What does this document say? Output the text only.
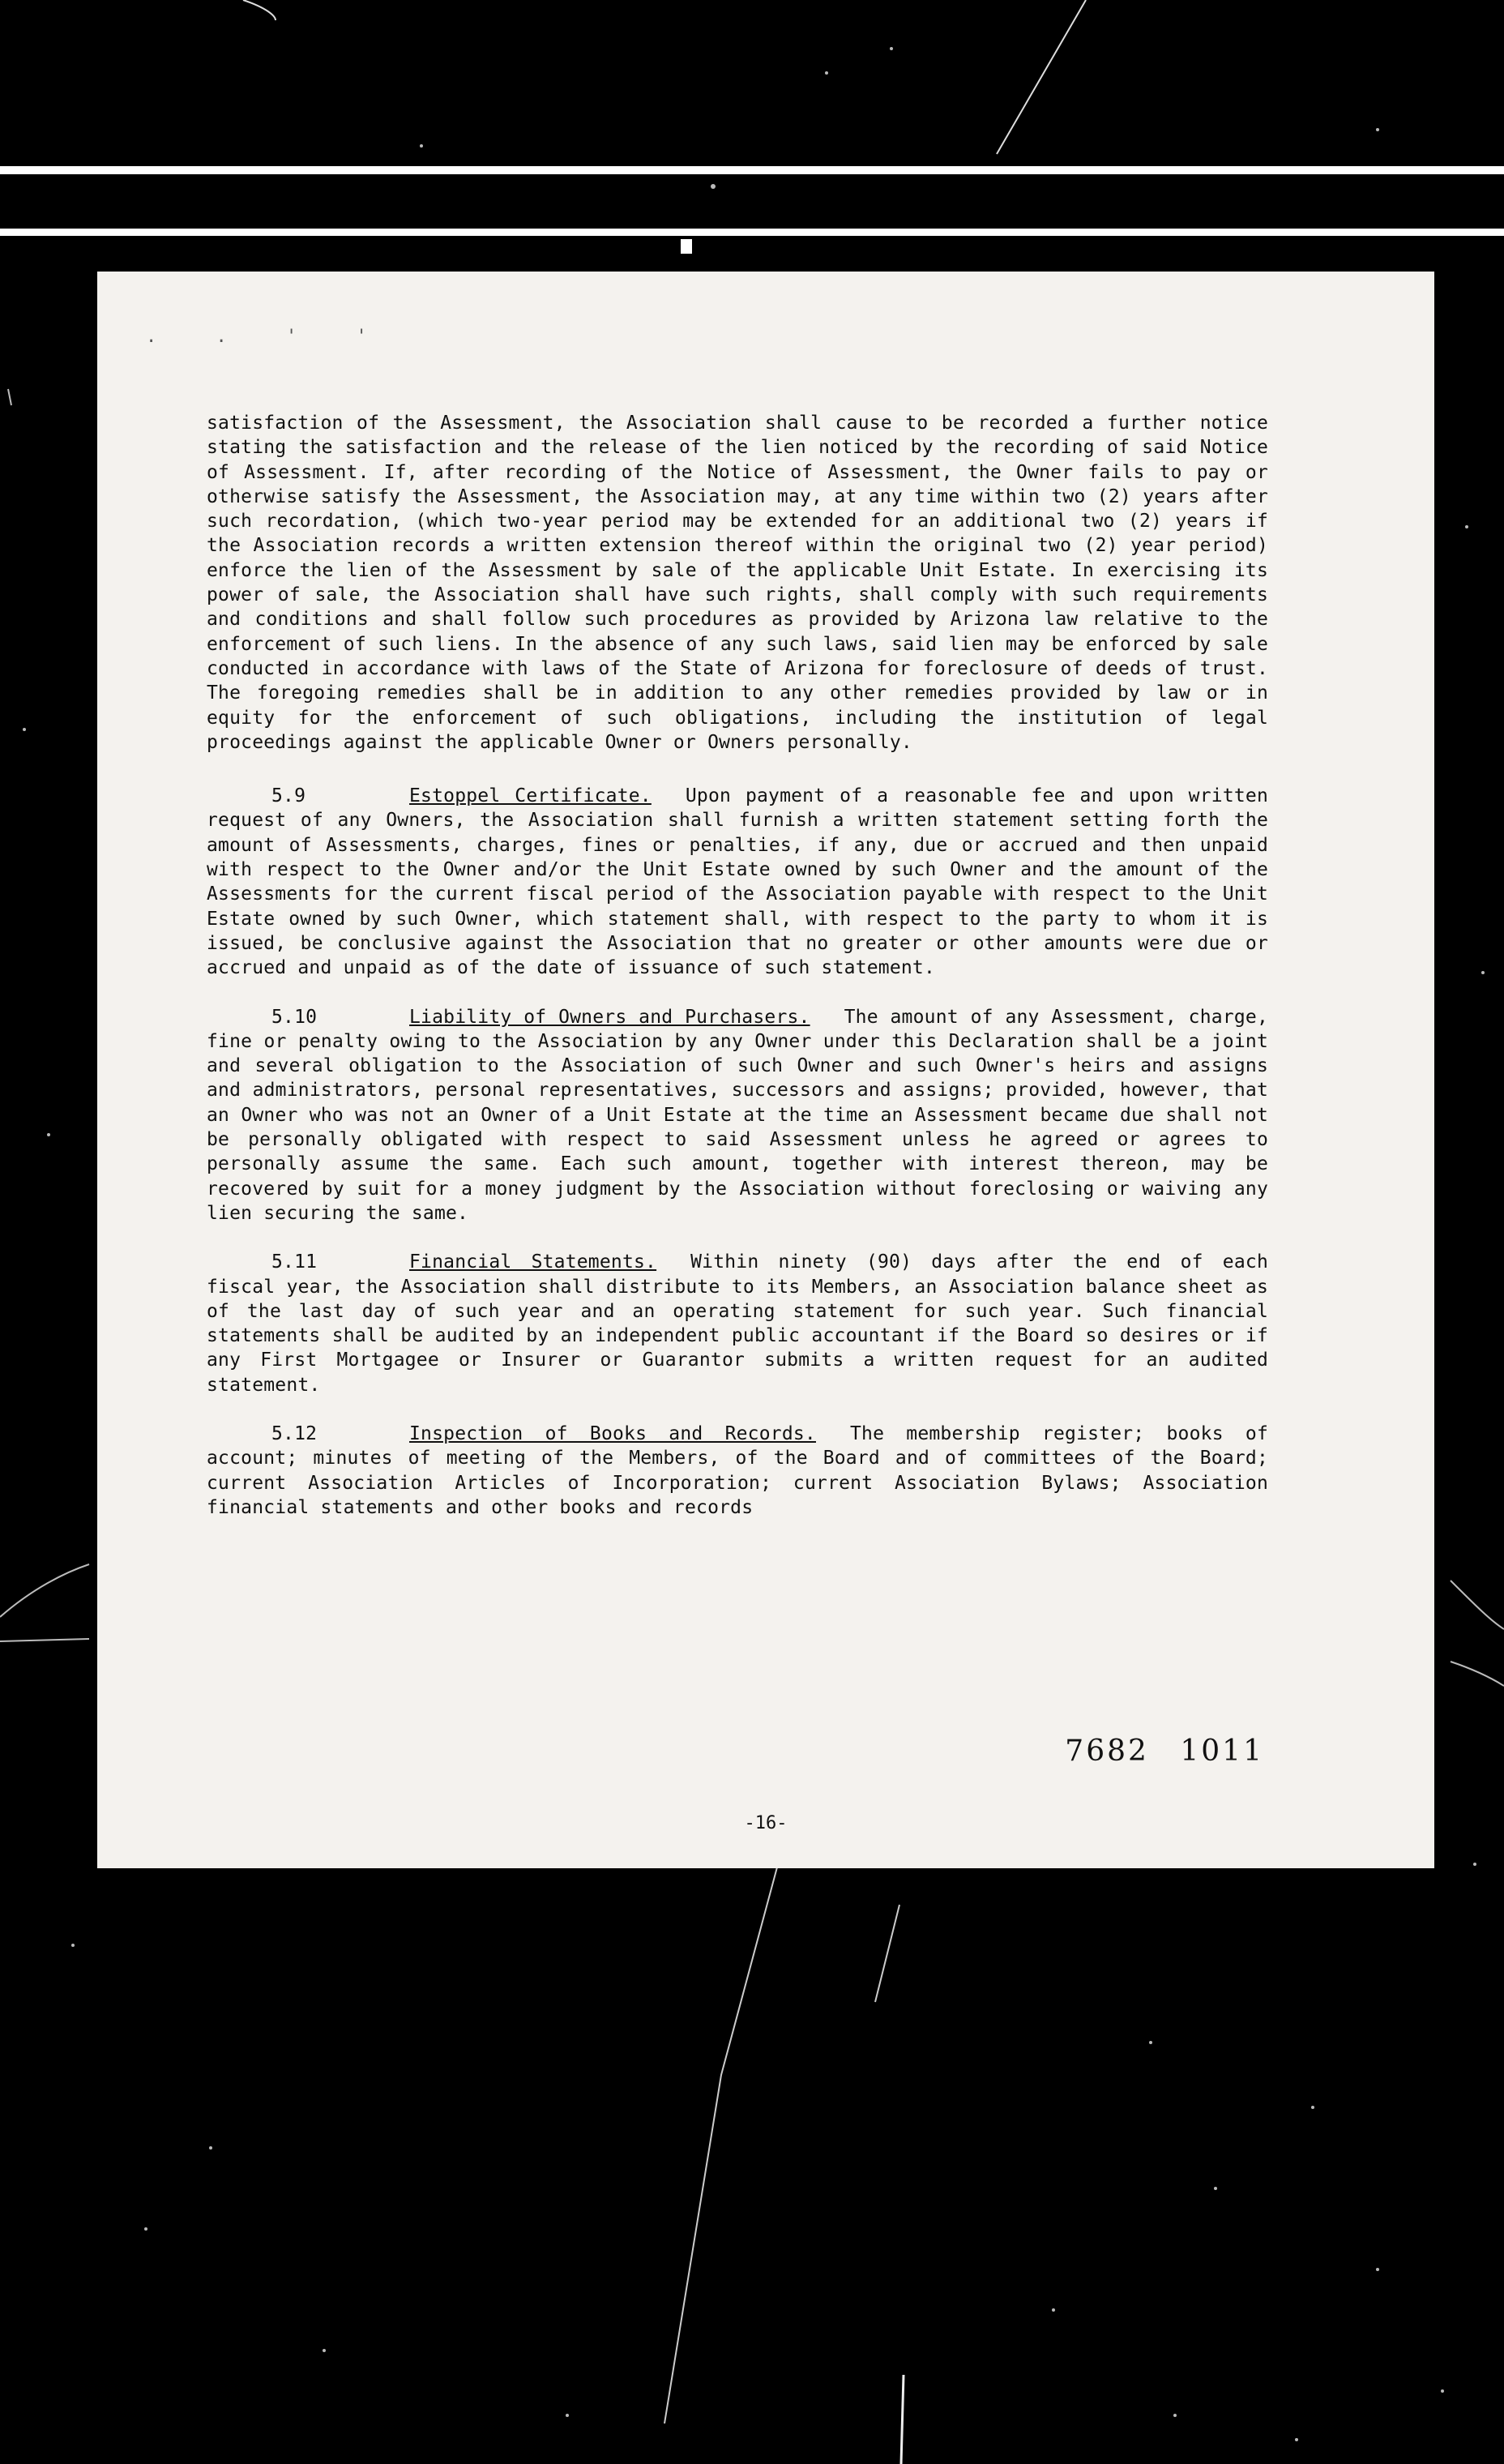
. . ' '

satisfaction of the Assessment, the Association shall cause to be recorded a further notice stating the satisfaction and the release of the lien noticed by the recording of said Notice of Assessment. If, after recording of the Notice of Assessment, the Owner fails to pay or otherwise satisfy the Assessment, the Association may, at any time within two (2) years after such recordation, (which two-year period may be extended for an additional two (2) years if the Association records a written extension thereof within the original two (2) year period) enforce the lien of the Assessment by sale of the applicable Unit Estate. In exercising its power of sale, the Association shall have such rights, shall comply with such requirements and conditions and shall follow such procedures as provided by Arizona law relative to the enforcement of such liens. In the absence of any such laws, said lien may be enforced by sale conducted in accordance with laws of the State of Arizona for foreclosure of deeds of trust. The foregoing remedies shall be in addition to any other remedies provided by law or in equity for the enforcement of such obligations, including the institution of legal proceedings against the applicable Owner or Owners personally.

5.9	Estoppel Certificate. Upon payment of a reasonable fee and upon written request of any Owners, the Association shall furnish a written statement setting forth the amount of Assessments, charges, fines or penalties, if any, due or accrued and then unpaid with respect to the Owner and/or the Unit Estate owned by such Owner and the amount of the Assessments for the current fiscal period of the Association payable with respect to the Unit Estate owned by such Owner, which statement shall, with respect to the party to whom it is issued, be conclusive against the Association that no greater or other amounts were due or accrued and unpaid as of the date of issuance of such statement.

5.10	Liability of Owners and Purchasers. The amount of any Assessment, charge, fine or penalty owing to the Association by any Owner under this Declaration shall be a joint and several obligation to the Association of such Owner and such Owner's heirs and assigns and administrators, personal representatives, successors and assigns; provided, however, that an Owner who was not an Owner of a Unit Estate at the time an Assessment became due shall not be personally obligated with respect to said Assessment unless he agreed or agrees to personally assume the same. Each such amount, together with interest thereon, may be recovered by suit for a money judgment by the Association without foreclosing or waiving any lien securing the same.

5.11	Financial Statements. Within ninety (90) days after the end of each fiscal year, the Association shall distribute to its Members, an Association balance sheet as of the last day of such year and an operating statement for such year. Such financial statements shall be audited by an independent public accountant if the Board so desires or if any First Mortgagee or Insurer or Guarantor submits a written request for an audited statement.

5.12	Inspection of Books and Records. The membership register; books of account; minutes of meeting of the Members, of the Board and of committees of the Board; current Association Articles of Incorporation; current Association Bylaws; Association financial statements and other books and records

7682 1011
-16-
